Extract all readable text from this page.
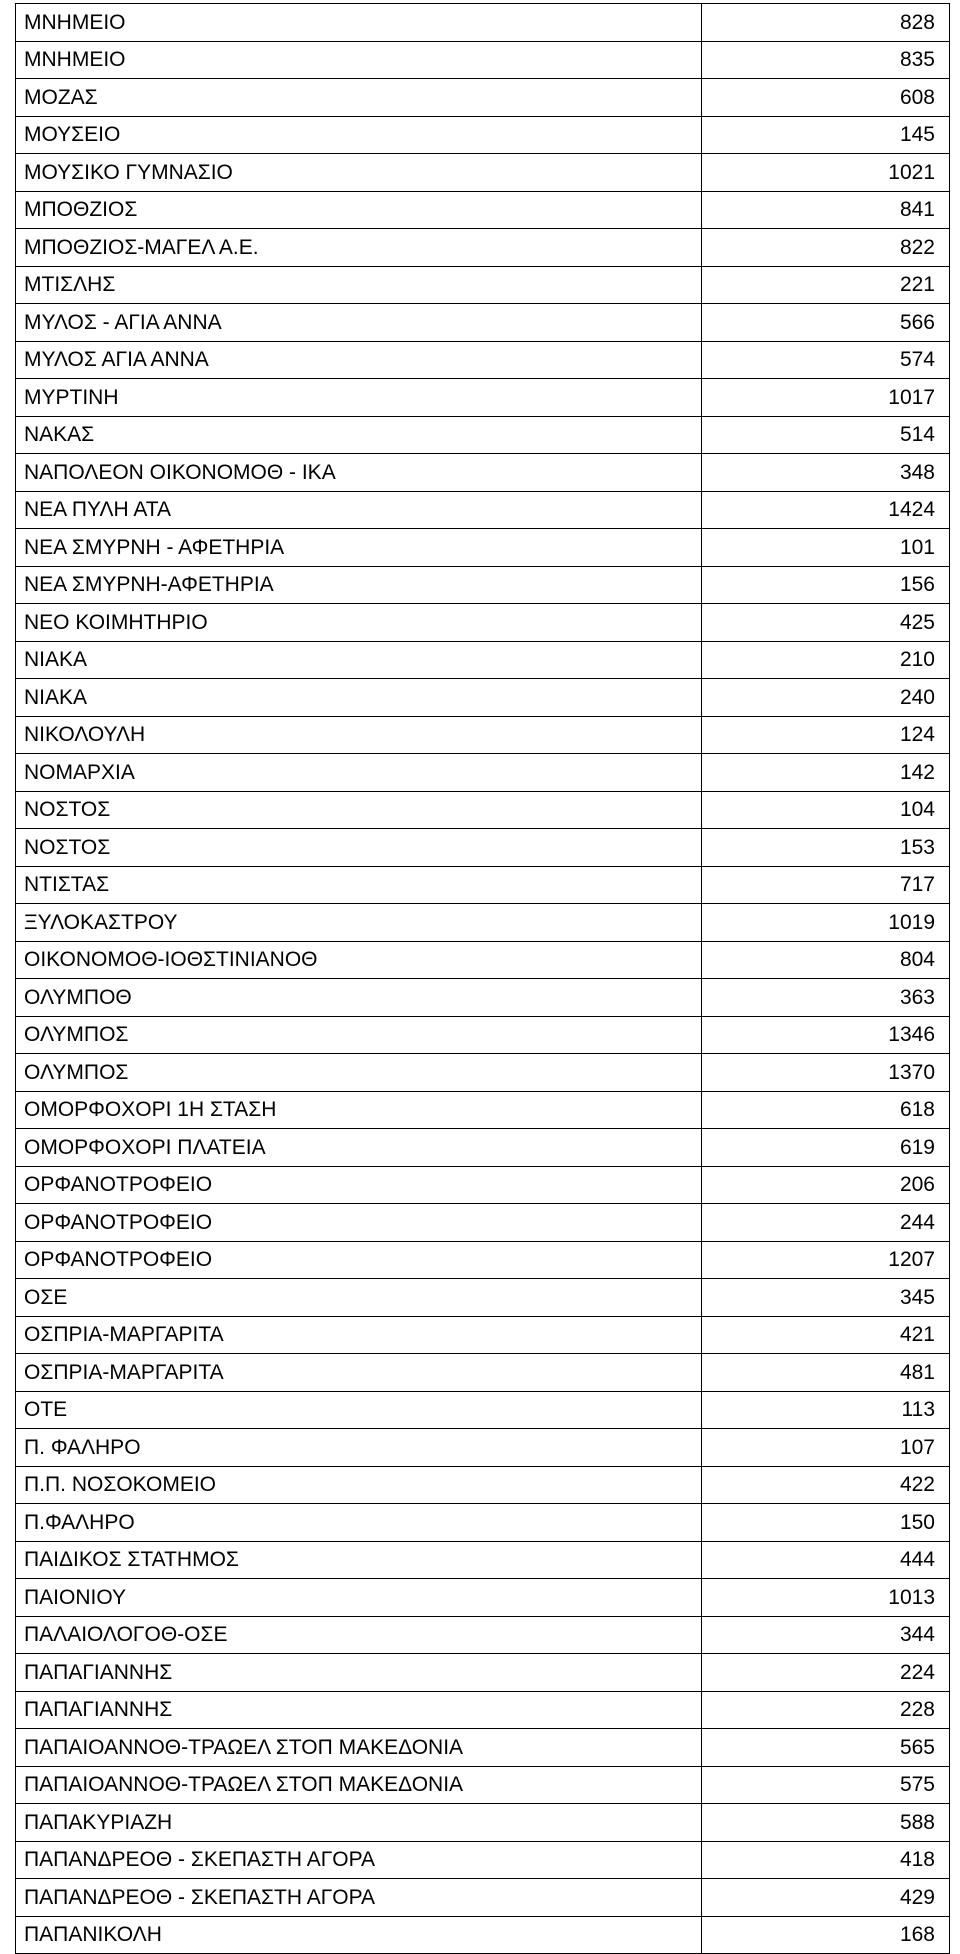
ΜΝΗΜΕΙΟ	828
ΜΝΗΜΕΙΟ	835
ΜΟΖΑΣ	608
ΜΟΥΣΕΙΟ	145
ΜΟΥΣΙΚΟ ΓΥΜΝΑΣΙΟ	1021
ΜΠΟΘΖΙΟΣ	841
ΜΠΟΘΖΙΟΣ-ΜΑΓΕΛ Α.Ε.	822
ΜΤΙΣΛΗΣ	221
ΜΥΛΟΣ - ΑΓΙΑ ΑΝΝΑ	566
ΜΥΛΟΣ ΑΓΙΑ ΑΝΝΑ	574
ΜΥΡΤΙΝΗ	1017
ΝΑΚΑΣ	514
ΝΑΠΟΛΕΟΝ ΟΙΚΟΝΟΜΟΘ - ΙΚΑ	348
ΝΕΑ ΠΥΛΗ ΑΤΑ	1424
ΝΕΑ ΣΜΥΡΝΗ - ΑΦΕΤΗΡΙΑ	101
ΝΕΑ ΣΜΥΡΝΗ-ΑΦΕΤΗΡΙΑ	156
ΝΕΟ ΚΟΙΜΗΤΗΡΙΟ	425
ΝΙΑΚΑ	210
ΝΙΑΚΑ	240
ΝΙΚΟΛΟΥΛΗ	124
ΝΟΜΑΡΧΙΑ	142
ΝΟΣΤΟΣ	104
ΝΟΣΤΟΣ	153
ΝΤΙΣΤΑΣ	717
ΞΥΛΟΚΑΣΤΡΟΥ	1019
ΟΙΚΟΝΟΜΟΘ-ΙΟΘΣΤΙΝΙΑΝΟΘ	804
ΟΛΥΜΠΟΘ	363
ΟΛΥΜΠΟΣ	1346
ΟΛΥΜΠΟΣ	1370
ΟΜΟΡΦΟΧΟΡΙ 1Η ΣΤΑΣΗ	618
ΟΜΟΡΦΟΧΟΡΙ ΠΛΑΤΕΙΑ	619
ΟΡΦΑΝΟΤΡΟΦΕΙΟ	206
ΟΡΦΑΝΟΤΡΟΦΕΙΟ	244
ΟΡΦΑΝΟΤΡΟΦΕΙΟ	1207
ΟΣΕ	345
ΟΣΠΡΙΑ-ΜΑΡΓΑΡΙΤΑ	421
ΟΣΠΡΙΑ-ΜΑΡΓΑΡΙΤΑ	481
ΟΤΕ	113
Π. ΦΑΛΗΡΟ	107
Π.Π. ΝΟΣΟΚΟΜΕΙΟ	422
Π.ΦΑΛΗΡΟ	150
ΠΑΙΔΙΚΟΣ ΣΤΑΤΗΜΟΣ	444
ΠΑΙΟΝΙΟΥ	1013
ΠΑΛΑΙΟΛΟΓΟΘ-ΟΣΕ	344
ΠΑΠΑΓΙΑΝΝΗΣ	224
ΠΑΠΑΓΙΑΝΝΗΣ	228
ΠΑΠΑΙΟΑΝΝΟΘ-ΤΡΑΩΕΛ ΣΤΟΠ ΜΑΚΕΔΟΝΙΑ	565
ΠΑΠΑΙΟΑΝΝΟΘ-ΤΡΑΩΕΛ ΣΤΟΠ ΜΑΚΕΔΟΝΙΑ	575
ΠΑΠΑΚΥΡΙΑΖΗ	588
ΠΑΠΑΝΔΡΕΟΘ - ΣΚΕΠΑΣΤΗ ΑΓΟΡΑ	418
ΠΑΠΑΝΔΡΕΟΘ - ΣΚΕΠΑΣΤΗ ΑΓΟΡΑ	429
ΠΑΠΑΝΙΚΟΛΗ	168
